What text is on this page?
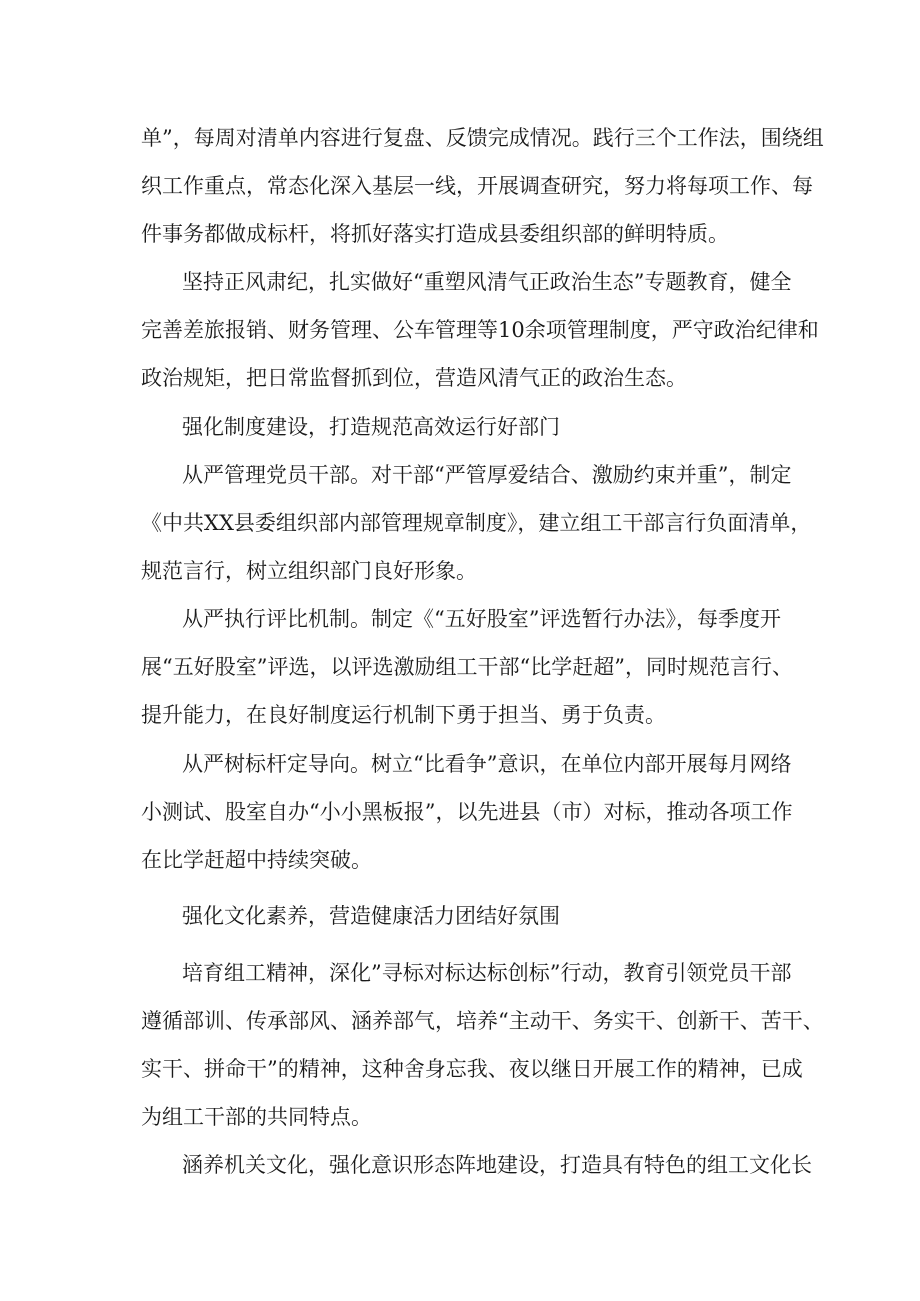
单”，每周对清单内容进行复盘、反馈完成情况。践行三个工作法，围绕组
织工作重点，常态化深入基层一线，开展调查研究，努力将每项工作、每
件事务都做成标杆，将抓好落实打造成县委组织部的鲜明特质。
坚持正风肃纪，扎实做好“重塑风清气正政治生态”专题教育，健全
完善差旅报销、财务管理、公车管理等10余项管理制度，严守政治纪律和
政治规矩，把日常监督抓到位，营造风清气正的政治生态。
强化制度建设，打造规范高效运行好部门
从严管理党员干部。对干部“严管厚爱结合、激励约束并重”，制定
《中共XX县委组织部内部管理规章制度》，建立组工干部言行负面清单，
规范言行，树立组织部门良好形象。
从严执行评比机制。制定《“五好股室”评选暂行办法》，每季度开
展“五好股室”评选，以评选激励组工干部“比学赶超”，同时规范言行、
提升能力，在良好制度运行机制下勇于担当、勇于负责。
从严树标杆定导向。树立“比看争”意识，在单位内部开展每月网络
小测试、股室自办“小小黑板报”，以先进县（市）对标，推动各项工作
在比学赶超中持续突破。
强化文化素养，营造健康活力团结好氛围
培育组工精神，深化”寻标对标达标创标”行动，教育引领党员干部
遵循部训、传承部风、涵养部气，培养“主动干、务实干、创新干、苦干、
实干、拼命干”的精神，这种舍身忘我、夜以继日开展工作的精神，已成
为组工干部的共同特点。
涵养机关文化，强化意识形态阵地建设，打造具有特色的组工文化长
